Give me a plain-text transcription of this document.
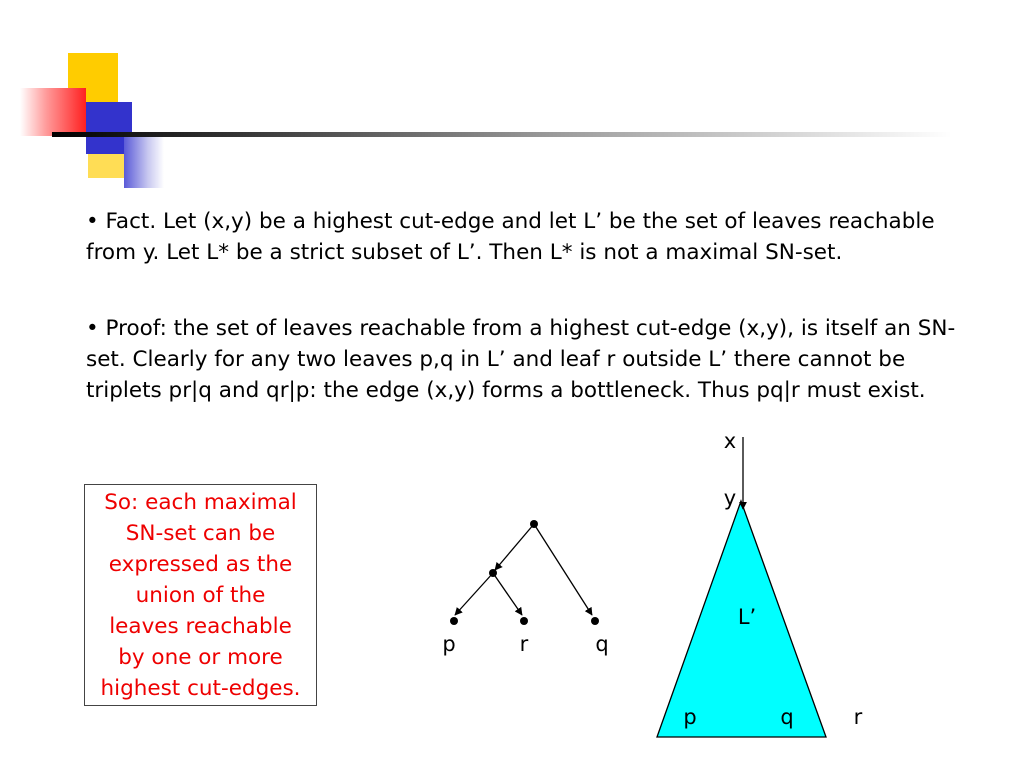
• Fact. Let (x,y) be a highest cut-edge and let L’ be the set of leaves reachable from y. Let L* be a strict subset of L’. Then L* is not a maximal SN-set.

• Proof: the set of leaves reachable from a highest cut-edge (x,y), is itself an SN-set. Clearly for any two leaves p,q in L’ and leaf r outside L’ there cannot be triplets pr|q and qr|p: the edge (x,y) forms a bottleneck. Thus pq|r must exist.

So: each maximal
SN-set can be
expressed as the
union of the
leaves reachable
by one or more
highest cut-edges.
p	r	q
x
y
L’
p	q	r
